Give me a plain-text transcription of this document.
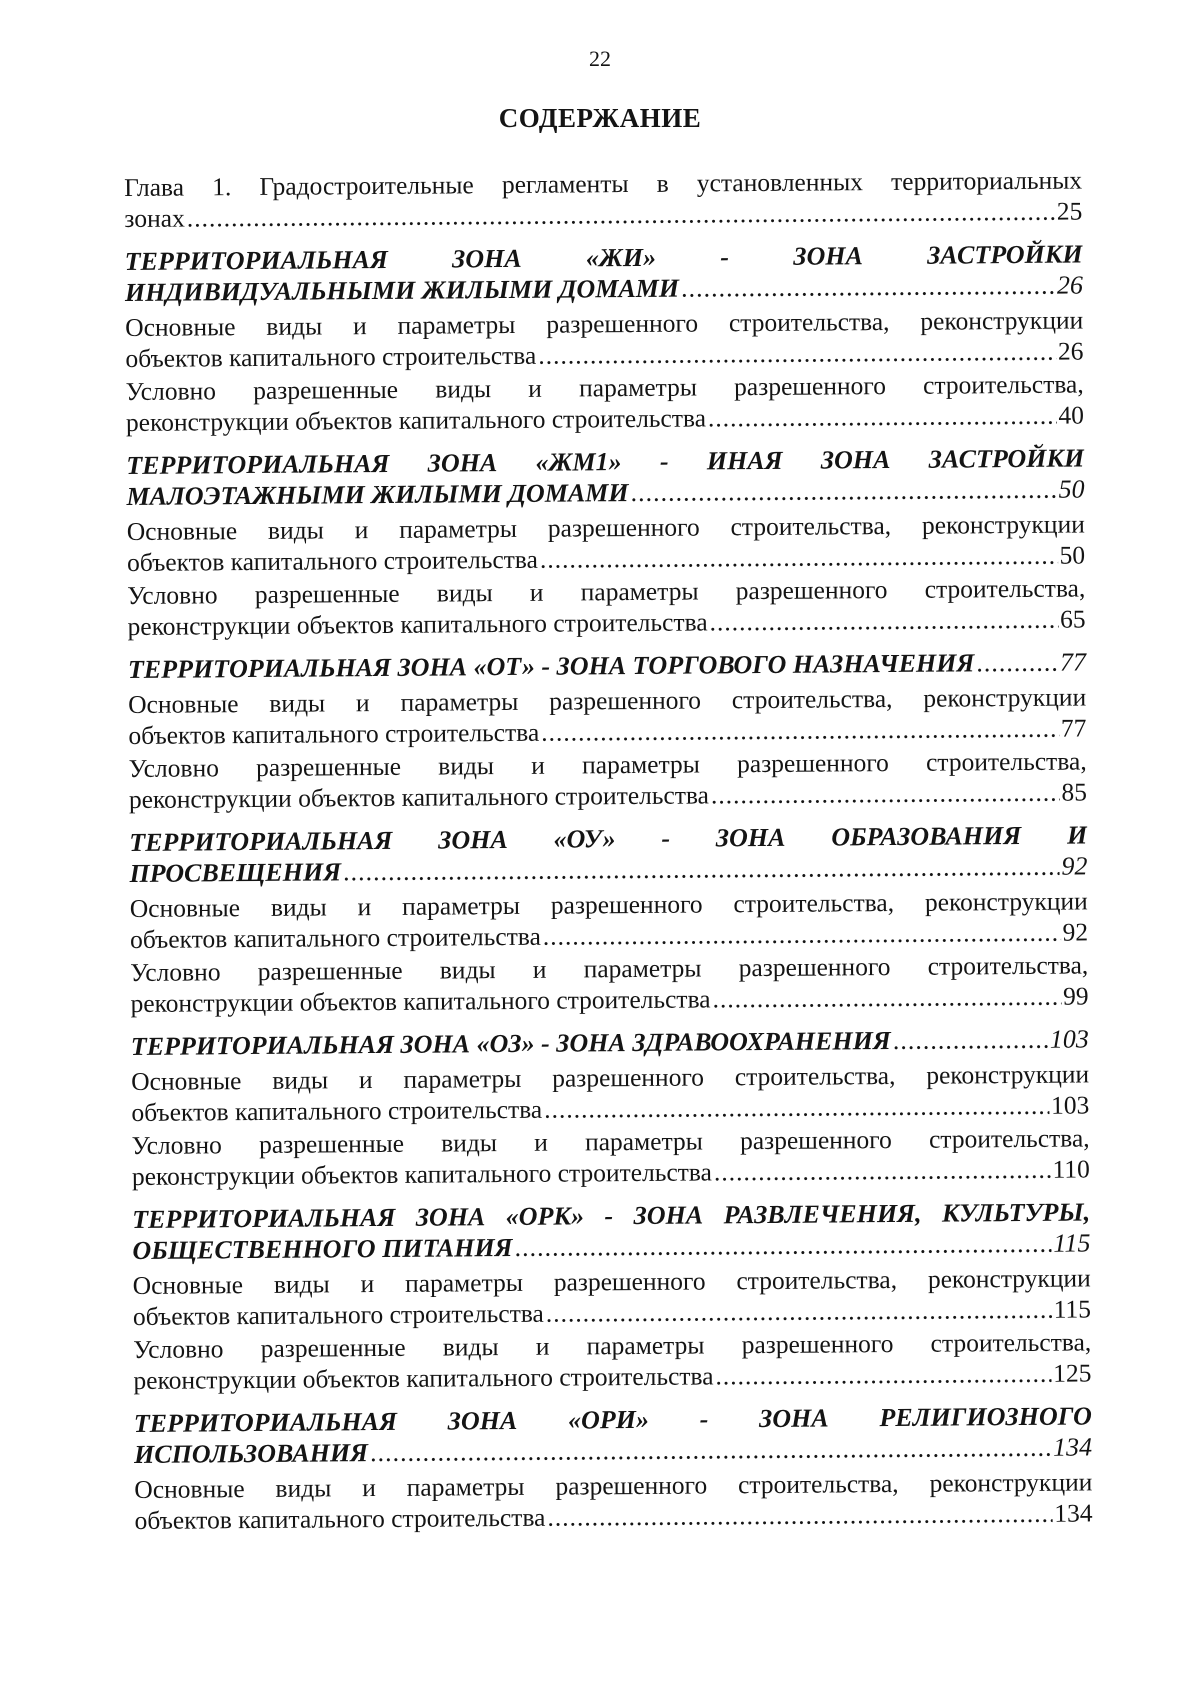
22
СОДЕРЖАНИЕ
Глава 1. Градостроительные регламенты в установленных территориальных
зонах .....	25
ТЕРРИТОРИАЛЬНАЯ ЗОНА «ЖИ» - ЗОНА ЗАСТРОЙКИ
ИНДИВИДУАЛЬНЫМИ ЖИЛЫМИ ДОМАМИ .....	26
Основные виды и параметры разрешенного строительства, реконструкции
объектов капитального строительства .....	26
Условно разрешенные виды и параметры разрешенного строительства,
реконструкции объектов капитального строительства .....	40
ТЕРРИТОРИАЛЬНАЯ ЗОНА «ЖМ1» - ИНАЯ ЗОНА ЗАСТРОЙКИ
МАЛОЭТАЖНЫМИ ЖИЛЫМИ ДОМАМИ .....	50
Основные виды и параметры разрешенного строительства, реконструкции
объектов капитального строительства .....	50
Условно разрешенные виды и параметры разрешенного строительства,
реконструкции объектов капитального строительства .....	65
ТЕРРИТОРИАЛЬНАЯ ЗОНА «ОТ» - ЗОНА ТОРГОВОГО НАЗНАЧЕНИЯ .....	77
Основные виды и параметры разрешенного строительства, реконструкции
объектов капитального строительства .....	77
Условно разрешенные виды и параметры разрешенного строительства,
реконструкции объектов капитального строительства .....	85
ТЕРРИТОРИАЛЬНАЯ ЗОНА «ОУ» - ЗОНА ОБРАЗОВАНИЯ И
ПРОСВЕЩЕНИЯ .....	92
Основные виды и параметры разрешенного строительства, реконструкции
объектов капитального строительства .....	92
Условно разрешенные виды и параметры разрешенного строительства,
реконструкции объектов капитального строительства .....	99
ТЕРРИТОРИАЛЬНАЯ ЗОНА «ОЗ» - ЗОНА ЗДРАВООХРАНЕНИЯ .....	103
Основные виды и параметры разрешенного строительства, реконструкции
объектов капитального строительства .....	103
Условно разрешенные виды и параметры разрешенного строительства,
реконструкции объектов капитального строительства .....	110
ТЕРРИТОРИАЛЬНАЯ ЗОНА «ОРК» - ЗОНА РАЗВЛЕЧЕНИЯ, КУЛЬТУРЫ,
ОБЩЕСТВЕННОГО ПИТАНИЯ .....	115
Основные виды и параметры разрешенного строительства, реконструкции
объектов капитального строительства .....	115
Условно разрешенные виды и параметры разрешенного строительства,
реконструкции объектов капитального строительства .....	125
ТЕРРИТОРИАЛЬНАЯ ЗОНА «ОРИ» - ЗОНА РЕЛИГИОЗНОГО
ИСПОЛЬЗОВАНИЯ .....	134
Основные виды и параметры разрешенного строительства, реконструкции
объектов капитального строительства .....	134
